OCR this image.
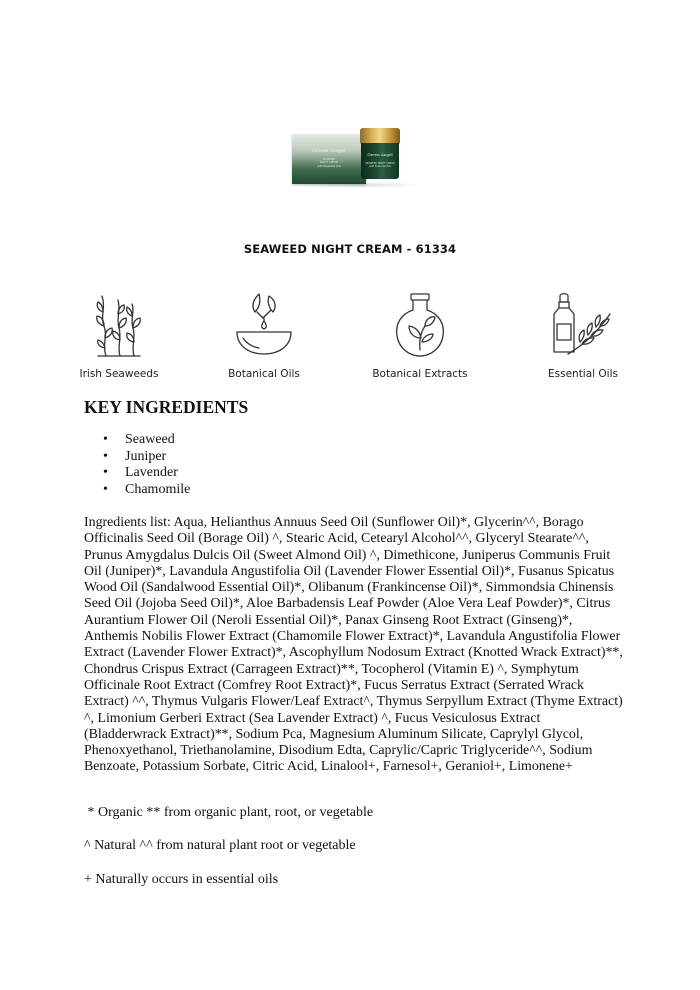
Green Angel
SEAWEED
NIGHT CREAM
with Essential Oils
Green Angel
SEAWEED NIGHT CREAM
with Essential Oils
SEAWEED NIGHT CREAM - 61334
Irish Seaweeds	Botanical Oils	Botanical Extracts	Essential Oils
KEY INGREDIENTS
• Seaweed
• Juniper
• Lavender
• Chamomile

Ingredients list: Aqua, Helianthus Annuus Seed Oil (Sunflower Oil)*, Glycerin^^, Borago Officinalis Seed Oil (Borage Oil) ^, Stearic Acid, Cetearyl Alcohol^^, Glyceryl Stearate^^, Prunus Amygdalus Dulcis Oil (Sweet Almond Oil) ^, Dimethicone, Juniperus Communis Fruit Oil (Juniper)*, Lavandula Angustifolia Oil (Lavender Flower Essential Oil)*, Fusanus Spicatus Wood Oil (Sandalwood Essential Oil)*, Olibanum (Frankincense Oil)*, Simmondsia Chinensis Seed Oil (Jojoba Seed Oil)*, Aloe Barbadensis Leaf Powder (Aloe Vera Leaf Powder)*, Citrus Aurantium Flower Oil (Neroli Essential Oil)*, Panax Ginseng Root Extract (Ginseng)*, Anthemis Nobilis Flower Extract (Chamomile Flower Extract)*, Lavandula Angustifolia Flower Extract (Lavender Flower Extract)*, Ascophyllum Nodosum Extract (Knotted Wrack Extract)**, Chondrus Crispus Extract (Carrageen Extract)**, Tocopherol (Vitamin E) ^, Symphytum Officinale Root Extract (Comfrey Root Extract)*, Fucus Serratus Extract (Serrated Wrack Extract) ^^, Thymus Vulgaris Flower/Leaf Extract^, Thymus Serpyllum Extract (Thyme Extract) ^, Limonium Gerberi Extract (Sea Lavender Extract) ^, Fucus Vesiculosus Extract (Bladderwrack Extract)**, Sodium Pca, Magnesium Aluminum Silicate, Caprylyl Glycol, Phenoxyethanol, Triethanolamine, Disodium Edta, Caprylic/Capric Triglyceride^^, Sodium Benzoate, Potassium Sorbate, Citric Acid, Linalool+, Farnesol+, Geraniol+, Limonene+

* Organic ** from organic plant, root, or vegetable

^ Natural ^^ from natural plant root or vegetable

+ Naturally occurs in essential oils
